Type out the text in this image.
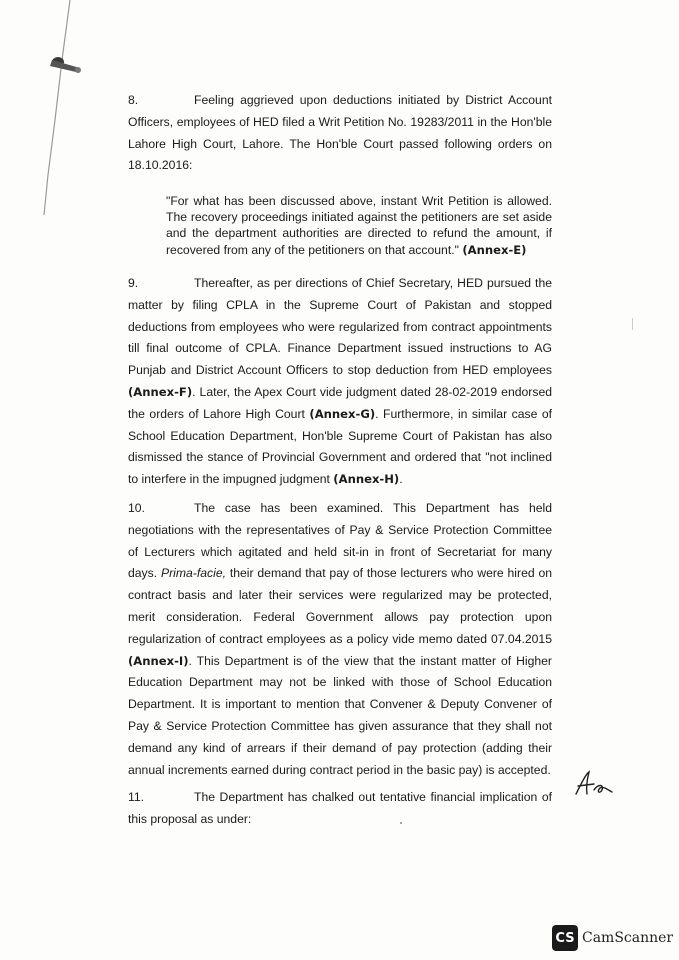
8.	Feeling aggrieved upon deductions initiated by District Account Officers, employees of HED filed a Writ Petition No. 19283/2011 in the Hon'ble Lahore High Court, Lahore. The Hon'ble Court passed following orders on 18.10.2016:
"For what has been discussed above, instant Writ Petition is allowed. The recovery proceedings initiated against the petitioners are set aside and the department authorities are directed to refund the amount, if recovered from any of the petitioners on that account." (Annex-E)
9.	Thereafter, as per directions of Chief Secretary, HED pursued the matter by filing CPLA in the Supreme Court of Pakistan and stopped deductions from employees who were regularized from contract appointments till final outcome of CPLA. Finance Department issued instructions to AG Punjab and District Account Officers to stop deduction from HED employees (Annex-F). Later, the Apex Court vide judgment dated 28-02-2019 endorsed the orders of Lahore High Court (Annex-G). Furthermore, in similar case of School Education Department, Hon'ble Supreme Court of Pakistan has also dismissed the stance of Provincial Government and ordered that "not inclined to interfere in the impugned judgment (Annex-H).
10.	The case has been examined. This Department has held negotiations with the representatives of Pay & Service Protection Committee of Lecturers which agitated and held sit-in in front of Secretariat for many days. Prima-facie, their demand that pay of those lecturers who were hired on contract basis and later their services were regularized may be protected, merit consideration. Federal Government allows pay protection upon regularization of contract employees as a policy vide memo dated 07.04.2015 (Annex-I). This Department is of the view that the instant matter of Higher Education Department may not be linked with those of School Education Department. It is important to mention that Convener & Deputy Convener of Pay & Service Protection Committee has given assurance that they shall not demand any kind of arrears if their demand of pay protection (adding their annual increments earned during contract period in the basic pay) is accepted.
11.	The Department has chalked out tentative financial implication of this proposal as under:
CS CamScanner
